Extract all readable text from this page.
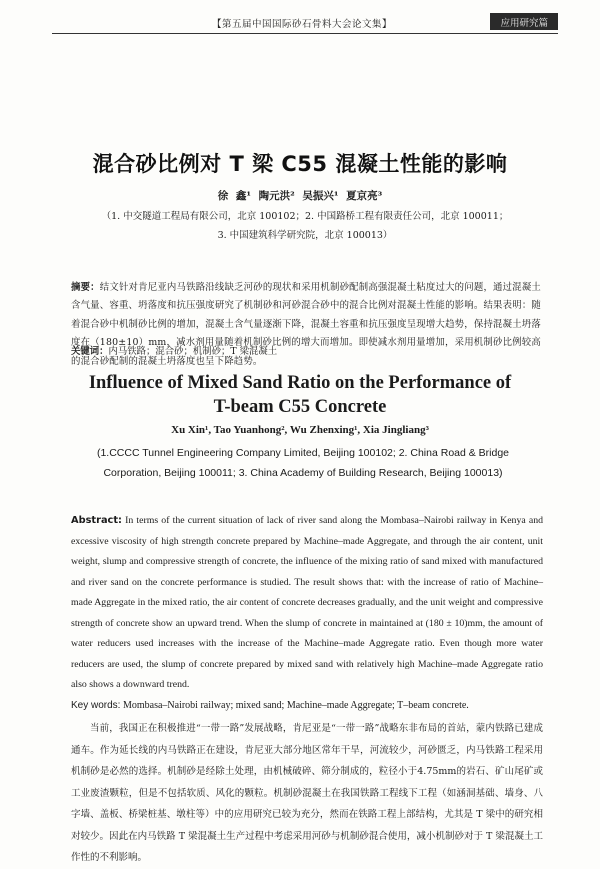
【第五届中国国际砂石骨料大会论文集】	应用研究篇
混合砂比例对 T 梁 C55 混凝土性能的影响
徐 鑫¹ 陶元洪² 吴振兴¹ 夏京亮³
（1. 中交隧道工程局有限公司，北京 100102；2. 中国路桥工程有限责任公司，北京 100011；
3. 中国建筑科学研究院，北京 100013）

摘要：结文针对肯尼亚内马铁路沿线缺乏河砂的现状和采用机制砂配制高强混凝土粘度过大的问题，通过混凝土含气量、容重、坍落度和抗压强度研究了机制砂和河砂混合砂中的混合比例对混凝土性能的影响。结果表明：随着混合砂中机制砂比例的增加，混凝土含气量逐渐下降，混凝土容重和抗压强度呈现增大趋势，保持混凝土坍落度在（180±10）mm，减水剂用量随着机制砂比例的增大而增加。即使减水剂用量增加，采用机制砂比例较高的混合砂配制的混凝土坍落度也呈下降趋势。

关键词：内马铁路；混合砂；机制砂；T 梁混凝土

Influence of Mixed Sand Ratio on the Performance of
T-beam C55 Concrete
Xu Xin¹, Tao Yuanhong², Wu Zhenxing¹, Xia Jingliang³
(1.CCCC Tunnel Engineering Company Limited, Beijing 100102; 2. China Road & Bridge Corporation, Beijing 100011; 3. China Academy of Building Research, Beijing 100013)

Abstract: In terms of the current situation of lack of river sand along the Mombasa–Nairobi railway in Kenya and excessive viscosity of high strength concrete prepared by Machine–made Aggregate, and through the air content, unit weight, slump and compressive strength of concrete, the influence of the mixing ratio of sand mixed with manufactured and river sand on the concrete performance is studied. The result shows that: with the increase of ratio of Machine–made Aggregate in the mixed ratio, the air content of concrete decreases gradually, and the unit weight and compressive strength of concrete show an upward trend. When the slump of concrete in maintained at (180 ± 10)mm, the amount of water reducers used increases with the increase of the Machine–made Aggregate ratio. Even though more water reducers are used, the slump of concrete prepared by mixed sand with relatively high Machine–made Aggregate ratio also shows a downward trend.

Key words: Mombasa–Nairobi railway; mixed sand; Machine–made Aggregate; T–beam concrete.

当前，我国正在积极推进“一带一路”发展战略，肯尼亚是“一带一路”战略东非布局的首站，蒙内铁路已建成通车。作为延长线的内马铁路正在建设，肯尼亚大部分地区常年干旱，河流较少，河砂匮乏，内马铁路工程采用机制砂是必然的选择。机制砂是经除土处理，由机械破碎、筛分制成的，粒径小于4.75mm的岩石、矿山尾矿或工业废渣颗粒，但是不包括软质、风化的颗粒。机制砂混凝土在我国铁路工程线下工程（如涵洞基础、墙身、八字墙、盖板、桥梁桩基、墩柱等）中的应用研究已较为充分，然而在铁路工程上部结构，尤其是 T 梁中的研究相对较少。因此在内马铁路 T 梁混凝土生产过程中考虑采用河砂与机制砂混合使用，减小机制砂对于 T 梁混凝土工作性的不利影响。
